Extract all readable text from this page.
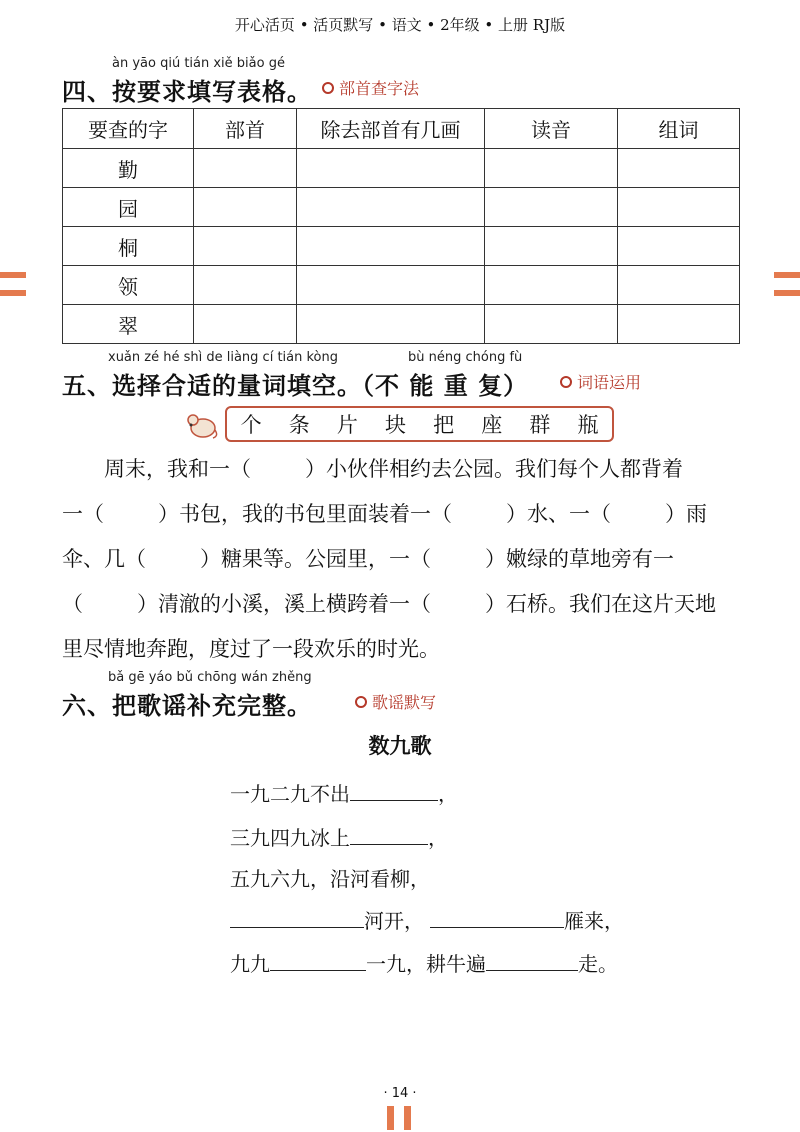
开心活页 • 活页默写 • 语文 • 2年级 • 上册 RJ版
àn yāo qiú tián xiě biǎo gé
四、按要求填写表格。	部首查字法
要查的字	部首	除去部首有几画	读音	组词
勤				
园				
桐				
领				
翠				
xuǎn zé hé shì de liàng cí tián kòng	bù néng chóng fù
五、选择合适的量词填空。（不 能 重 复）	词语运用
个 条 片 块 把 座 群 瓶
周末，我和一（	）小伙伴相约去公园。我们每个人都背着
一（	）书包，我的书包里面装着一（	）水、一（	）雨
伞、几（	）糖果等。公园里，一（	）嫩绿的草地旁有一
（	）清澈的小溪，溪上横跨着一（	）石桥。我们在这片天地
里尽情地奔跑，度过了一段欢乐的时光。
bǎ gē yáo bǔ chōng wán zhěng
六、把歌谣补充完整。	歌谣默写
数九歌
一九二九不出	，
三九四九冰上	，
五九六九，沿河看柳，
河开，	雁来，
九九	一九，耕牛遍	走。
· 14 ·
